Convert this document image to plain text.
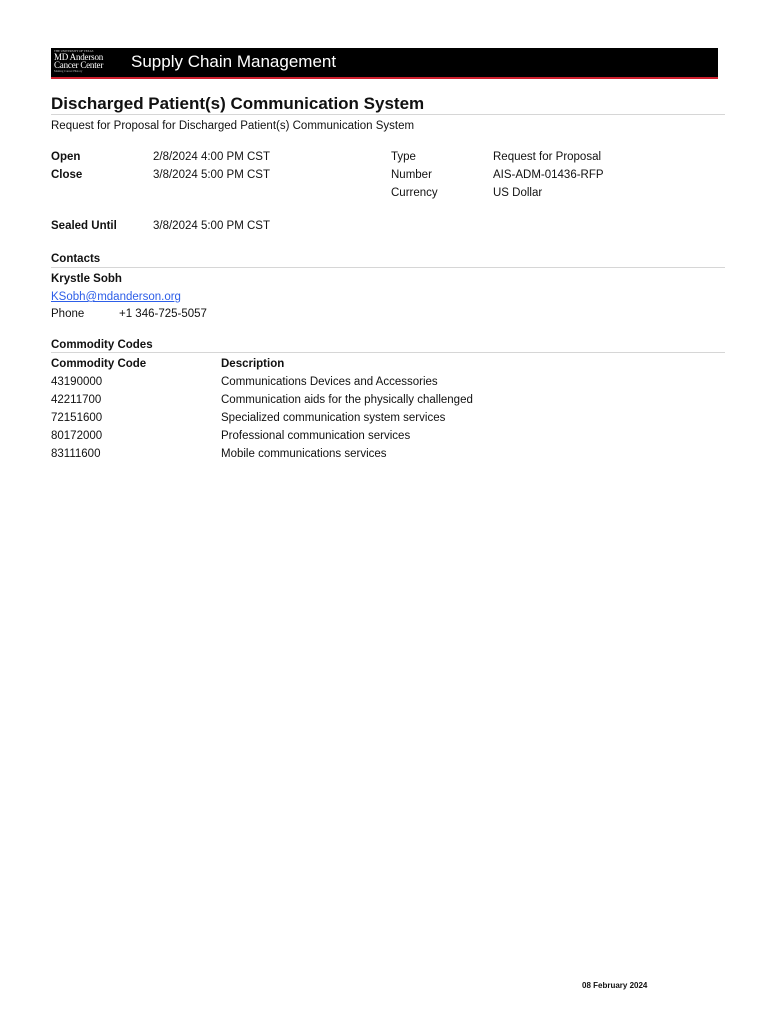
THE UNIVERSITY OF TEXAS
MD Anderson
Cancer Center
Making Cancer History	Supply Chain Management
Discharged Patient(s) Communication System
Request for Proposal for Discharged Patient(s) Communication System
Open	2/8/2024 4:00 PM CST
Close	3/8/2024 5:00 PM CST
Type	Request for Proposal
Number	AIS-ADM-01436-RFP
Currency	US Dollar
Sealed Until	3/8/2024 5:00 PM CST
Contacts
Krystle Sobh
KSobh@mdanderson.org
Phone	+1 346-725-5057
Commodity Codes
Commodity Code	Description
43190000	Communications Devices and Accessories
42211700	Communication aids for the physically challenged
72151600	Specialized communication system services
80172000	Professional communication services
83111600	Mobile communications services
08 February 2024
